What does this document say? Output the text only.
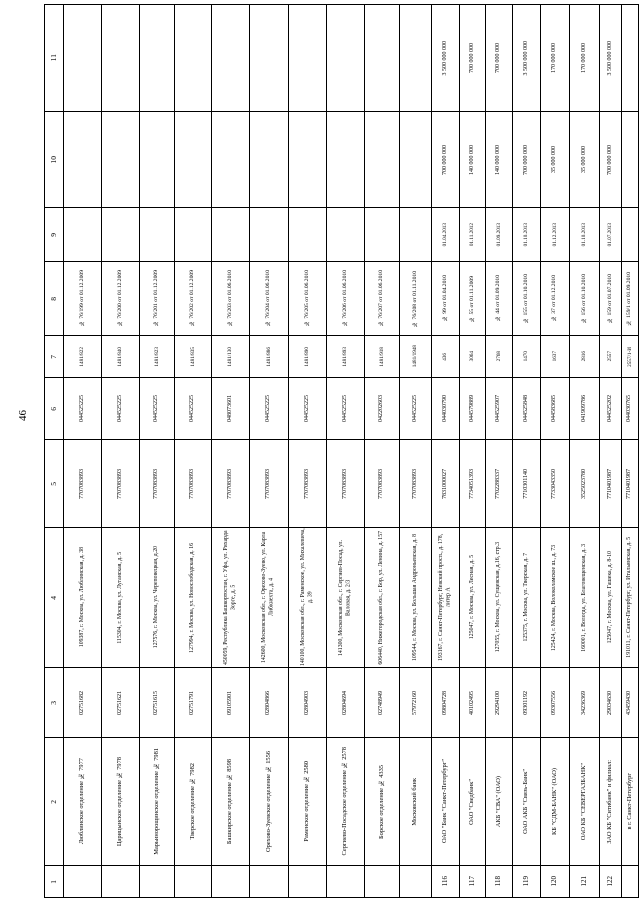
46
11
10
9
8
7
6
5
4
3
2
1
№ 76/199 от 01.12.2009
1481/822
044525225
7707083893
109387, г. Москва, ул. Люблинская, д. 38
02751682
Люблинское отделение № 7977
№ 76/200 от 01.12.2009
1481/840
044525225
7707083893
115304, г. Москва, ул. Луганская, д. 5
02751621
Царицынское отделение № 7978
№ 76/201 от 01.12.2009
1481/823
044525225
7707083893
127576, г. Москва, ул. Череповецкая, д.20
02751615
Марьинорощинское отделение № 7981
№ 76/202 от 01.12.2009
1481/835
044525225
7707083893
127994, г. Москва, ул. Новослободская, д. 16
02751791
Тверское отделение № 7982
№ 76/203 от 01.06.2010
1481/130
048073601
7707083893
450059, Республика Башкортостан, г. Уфа, ул. Рихарда Зорге, д. 5
09105901
Башкирское отделение № 8598
№ 76/204 от 01.06.2010
1481/886
044525225
7707083893
142600, Московская обл., г. Орехово-Зуево, ул. Карла Либкнехта, д. 4
02804866
Орехово-Зуевское отделение № 1556
№ 76/205 от 01.06.2010
1481/890
044525225
7707083893
140100, Московская обл., г. Раменское, ул. Михалевича, д. 39
02804903
Раменское отделение № 2580
№ 76/206 от 01.06.2010
1481/893
044525225
7707083893
141300, Московская обл., г. Сергиев-Посад, ул. Валовая, д. 2/3
02804694
Сергиево-Посадское отделение № 2578
№ 76/207 от 01.06.2010
1481/918
042202603
7707083893
606440, Нижегородская обл., г. Бор, ул. Ленина, д. 157
02748949
Борское отделение № 4335
№ 76/208 от 01.11.2010
1481/1948
044525225
7707083893
109544, г. Москва, ул. Большая Андроньевская, д. 8
57972160
Московский банк
3 500 000 000
700 000 000
01.04.2013
№ 99 от 01.04.2010
436
044030790
7831000027
193167, г. Санкт-Петербург, Невский просп., д. 178, литер А
09804728
ОАО "Банк "Санкт-Петербург"
116
700 000 000
140 000 000
01.11.2012
№ 55 от 01.11.2009
3064
044579889
7734051393
125047, г. Москва, ул. Лесная, д. 5
40102495
ОАО "Сведбанк"
117
700 000 000
140 000 000
01.09.2013
№ 44 от 01.09.2010
2768
044525907
7702288337
127055, г. Москва, ул. Сущевская, д.16, стр.3
29294100
АКБ "СВА" (ОАО)
118
3 500 000 000
700 000 000
01.10.2013
№ 155 от 01.10.2010
1470
044525848
7710301140
125375, г. Москва, ул. Тверская, д. 7
09301192
ОАО АКБ "Связь-Банк"
119
170 000 000
35 000 000
01.12.2013
№ 37 от 01.12.2010
1637
044583685
7733043350
125424, г. Москва, Волоколамское ш., д. 73
09307556
КБ "СДМ-БАНК" (ОАО)
120
170 000 000
35 000 000
01.10.2013
№ 156 от 01.10.2010
2816
041909786
3525023780
160001, г. Вологда, ул. Благовещенская, д. 3
34236369
ОАО КБ "СЕВЕРГАЗБАНК"
121
3 500 000 000
700 000 000
01.07.2013
№ 159 от 01.07.2010
2557
044525202
7710401987
125047, г. Москва, ул. Гашека, д. 8-10
29034630
ЗАО КБ "Ситибанк" и филиал:
122
№ 159/1 от 01.09.2010
2557/1-И
044030765
7710401987
191011, г. Санкт-Петербург, ул. Итальянская, д. 5
43459430
в г. Санкт-Петербург
